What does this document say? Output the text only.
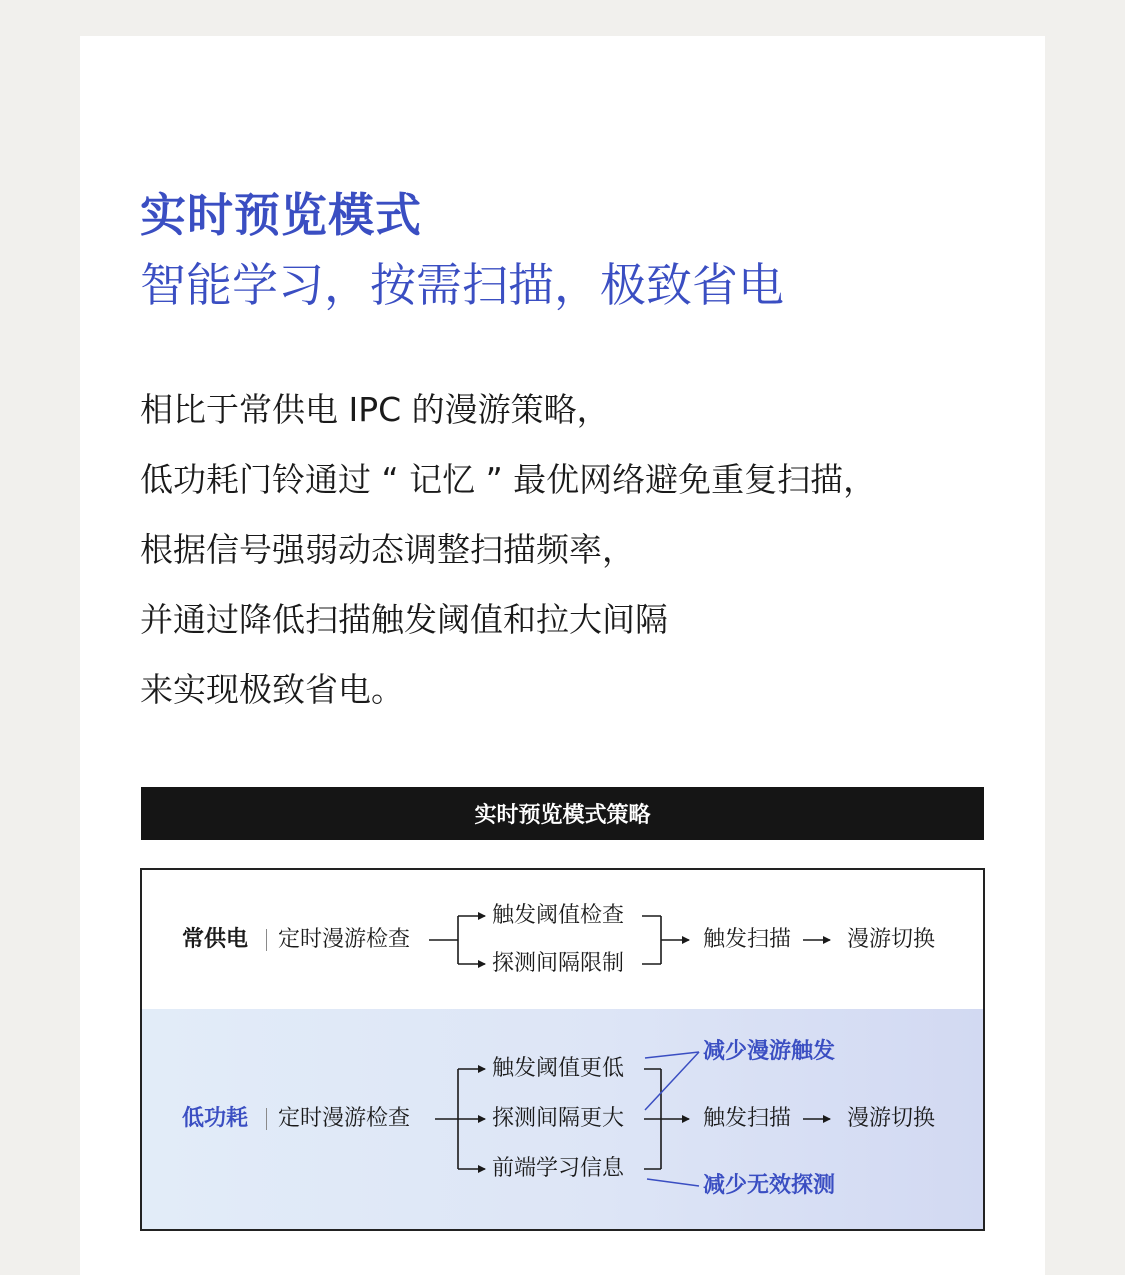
实时预览模式
智能学习，按需扫描，极致省电
相比于常供电 IPC 的漫游策略，
低功耗门铃通过 “ 记忆 ” 最优网络避免重复扫描，
根据信号强弱动态调整扫描频率，
并通过降低扫描触发阈值和拉大间隔
来实现极致省电。
实时预览模式策略
常供电 定时漫游检查
触发阈值检查
探测间隔限制
触发扫描	漫游切换
低功耗 定时漫游检查
触发阈值更低
探测间隔更大
前端学习信息
触发扫描	漫游切换
减少漫游触发
减少无效探测
